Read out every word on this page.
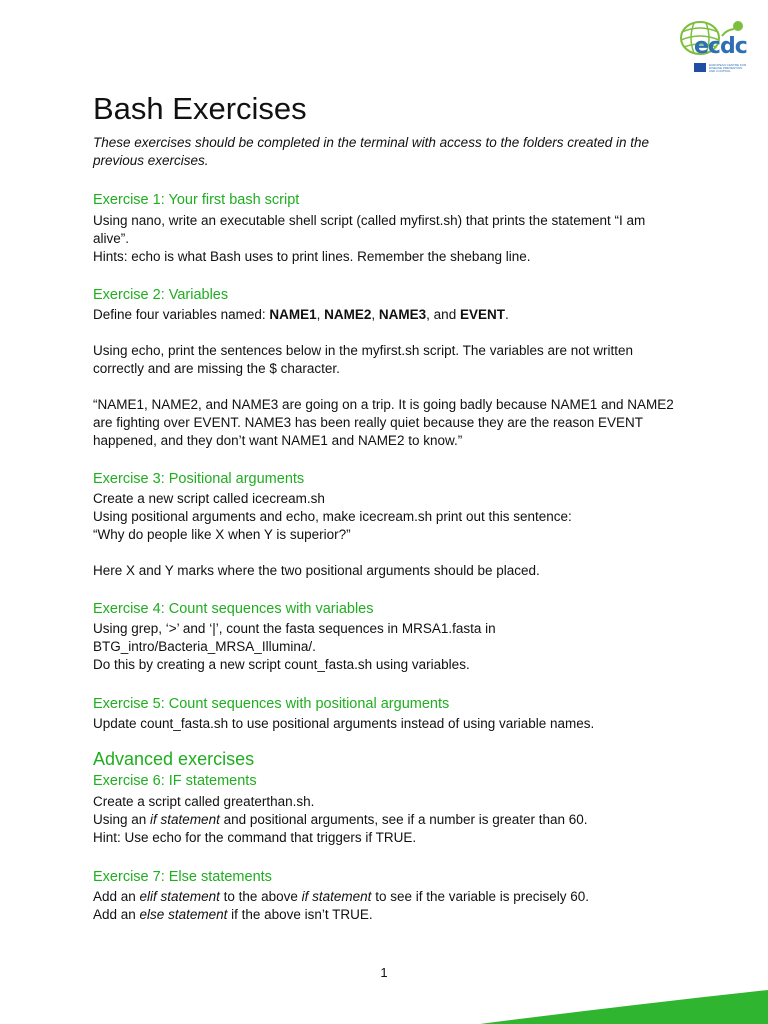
ecdc
EUROPEAN CENTRE FOR DISEASE PREVENTION AND CONTROL
Bash Exercises

These exercises should be completed in the terminal with access to the folders created in the previous exercises.

Exercise 1: Your first bash script

Using nano, write an executable shell script (called myfirst.sh) that prints the statement “I am alive”.

Hints: echo is what Bash uses to print lines. Remember the shebang line.

Exercise 2: Variables

Define four variables named: NAME1, NAME2, NAME3, and EVENT.

Using echo, print the sentences below in the myfirst.sh script. The variables are not written correctly and are missing the $ character.

“NAME1, NAME2, and NAME3 are going on a trip. It is going badly because NAME1 and NAME2 are fighting over EVENT. NAME3 has been really quiet because they are the reason EVENT happened, and they don’t want NAME1 and NAME2 to know.”

Exercise 3: Positional arguments

Create a new script called icecream.sh

Using positional arguments and echo, make icecream.sh print out this sentence:

“Why do people like X when Y is superior?”

Here X and Y marks where the two positional arguments should be placed.

Exercise 4: Count sequences with variables

Using grep, ‘>’ and ‘|’, count the fasta sequences in MRSA1.fasta in BTG_intro/Bacteria_MRSA_Illumina/.

Do this by creating a new script count_fasta.sh using variables.

Exercise 5: Count sequences with positional arguments

Update count_fasta.sh to use positional arguments instead of using variable names.

Advanced exercises
Exercise 6: IF statements

Create a script called greaterthan.sh.

Using an if statement and positional arguments, see if a number is greater than 60.

Hint: Use echo for the command that triggers if TRUE.

Exercise 7: Else statements

Add an elif statement to the above if statement to see if the variable is precisely 60.

Add an else statement if the above isn’t TRUE.

1
